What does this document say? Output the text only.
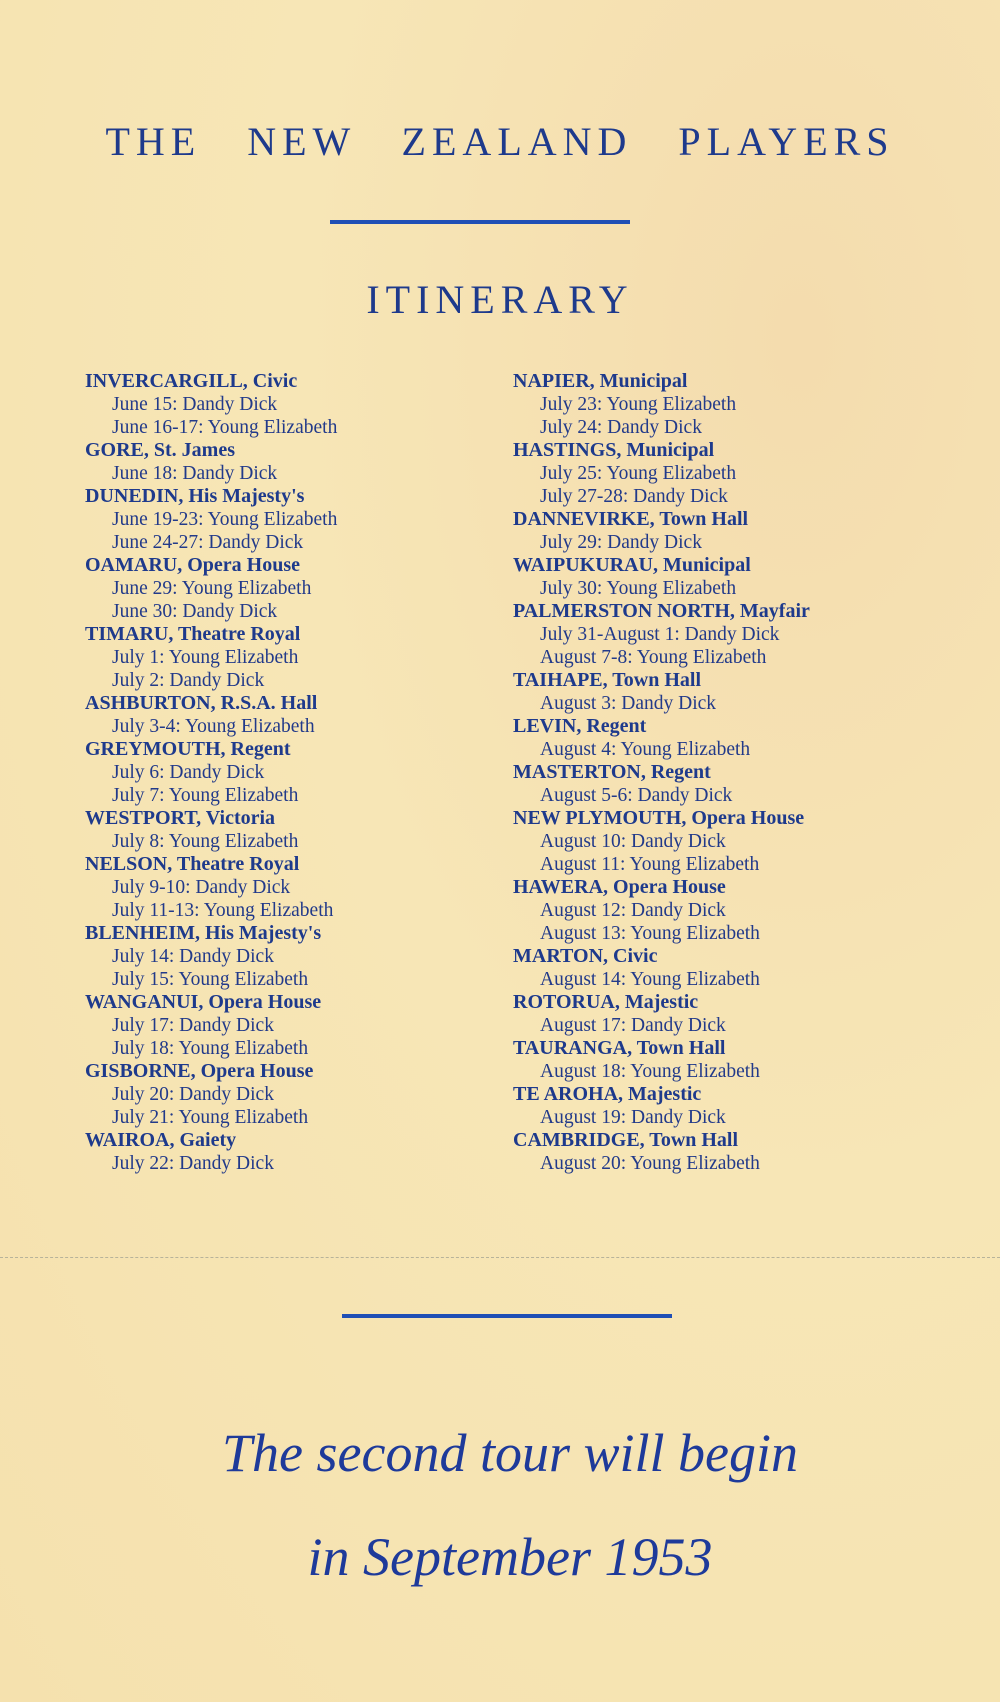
THE NEW ZEALAND PLAYERS
ITINERARY
INVERCARGILL, Civic
June 15: Dandy Dick
June 16-17: Young Elizabeth
GORE, St. James
June 18: Dandy Dick
DUNEDIN, His Majesty's
June 19-23: Young Elizabeth
June 24-27: Dandy Dick
OAMARU, Opera House
June 29: Young Elizabeth
June 30: Dandy Dick
TIMARU, Theatre Royal
July 1: Young Elizabeth
July 2: Dandy Dick
ASHBURTON, R.S.A. Hall
July 3-4: Young Elizabeth
GREYMOUTH, Regent
July 6: Dandy Dick
July 7: Young Elizabeth
WESTPORT, Victoria
July 8: Young Elizabeth
NELSON, Theatre Royal
July 9-10: Dandy Dick
July 11-13: Young Elizabeth
BLENHEIM, His Majesty's
July 14: Dandy Dick
July 15: Young Elizabeth
WANGANUI, Opera House
July 17: Dandy Dick
July 18: Young Elizabeth
GISBORNE, Opera House
July 20: Dandy Dick
July 21: Young Elizabeth
WAIROA, Gaiety
July 22: Dandy Dick
NAPIER, Municipal
July 23: Young Elizabeth
July 24: Dandy Dick
HASTINGS, Municipal
July 25: Young Elizabeth
July 27-28: Dandy Dick
DANNEVIRKE, Town Hall
July 29: Dandy Dick
WAIPUKURAU, Municipal
July 30: Young Elizabeth
PALMERSTON NORTH, Mayfair
July 31-August 1: Dandy Dick
August 7-8: Young Elizabeth
TAIHAPE, Town Hall
August 3: Dandy Dick
LEVIN, Regent
August 4: Young Elizabeth
MASTERTON, Regent
August 5-6: Dandy Dick
NEW PLYMOUTH, Opera House
August 10: Dandy Dick
August 11: Young Elizabeth
HAWERA, Opera House
August 12: Dandy Dick
August 13: Young Elizabeth
MARTON, Civic
August 14: Young Elizabeth
ROTORUA, Majestic
August 17: Dandy Dick
TAURANGA, Town Hall
August 18: Young Elizabeth
TE AROHA, Majestic
August 19: Dandy Dick
CAMBRIDGE, Town Hall
August 20: Young Elizabeth

The second tour will begin

in September 1953
